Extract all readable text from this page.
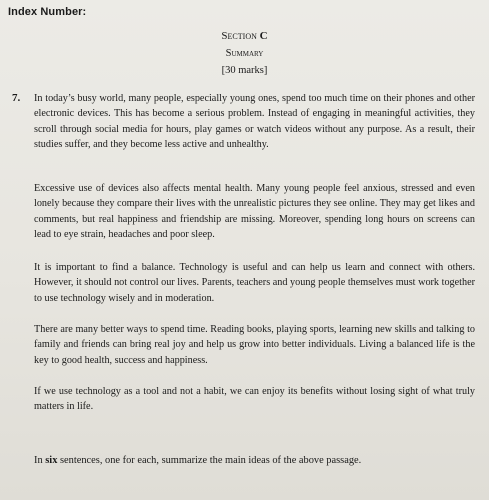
Index Number:
Section C
Summary
[30 marks]
7. In today’s busy world, many people, especially young ones, spend too much time on their phones and other electronic devices. This has become a serious problem. Instead of engaging in meaningful activities, they scroll through social media for hours, play games or watch videos without any purpose. As a result, their studies suffer, and they become less active and unhealthy.
Excessive use of devices also affects mental health. Many young people feel anxious, stressed and even lonely because they compare their lives with the unrealistic pictures they see online. They may get likes and comments, but real happiness and friendship are missing. Moreover, spending long hours on screens can lead to eye strain, headaches and poor sleep.
It is important to find a balance. Technology is useful and can help us learn and connect with others. However, it should not control our lives. Parents, teachers and young people themselves must work together to use technology wisely and in moderation.
There are many better ways to spend time. Reading books, playing sports, learning new skills and talking to family and friends can bring real joy and help us grow into better individuals. Living a balanced life is the key to good health, success and happiness.
If we use technology as a tool and not a habit, we can enjoy its benefits without losing sight of what truly matters in life.
In six sentences, one for each, summarize the main ideas of the above passage.
